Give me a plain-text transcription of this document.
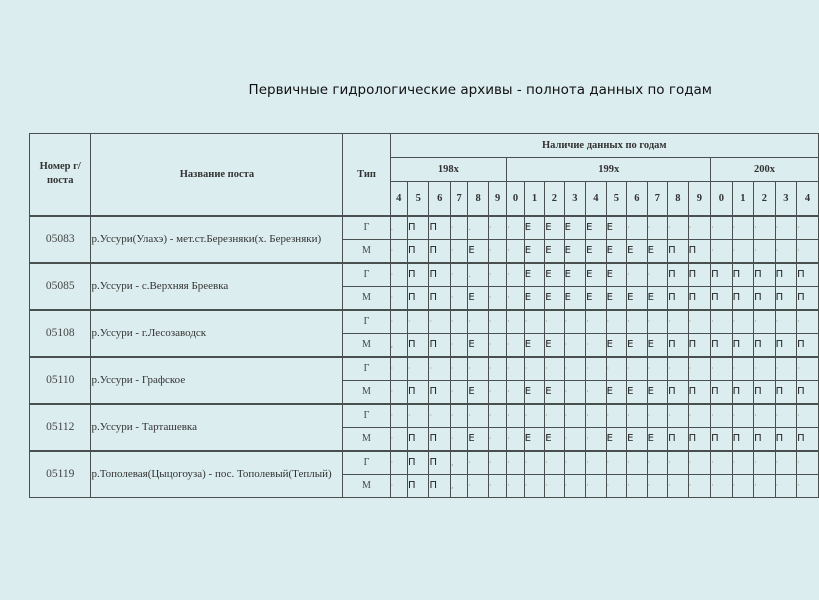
Первичные гидрологические архивы - полнота данных по годам
Номер г/поста	Название поста	Тип	Наличие данных по годам																				
			198x						199x										200x				
			4	5	6	7	8	9	0	1	2	3	4	5	6	7	8	9	0	1	2	3	4
05083	р.Уссури(Улахэ) - мет.ст.Березняки(х. Березняки)	Г	.	П	П	·	.	·	·	Е	Е	Е	Е	Е	·	·	·	·	·	·	·	·	·
		М	·	П	П	·	Е	·	·	Е	Е	Е	Е	Е	Е	Е	П	П	·	·	·	·	·
05085	р.Уссури - с.Верхняя Бреевка	Г	·	П	П	·	.	·	·	Е	Е	Е	Е	Е	·	·	П	П	П	П	П	П	П
		М	·	П	П	·	Е	·	·	Е	Е	Е	Е	Е	Е	Е	П	П	П	П	П	П	П
05108	р.Уссури - г.Лесозаводск	Г	·	·	·	·	·	·	·	·	·	·	·	·	·	·	·	·	·	·	·	·	·
		М	,	П	П	·	Е	·	·	Е	Е	·	·	Е	Е	Е	П	П	П	П	П	П	П
05110	р.Уссури - Графское	Г	·	·	·	·	·	·	·	·	·	·	·	·	·	·	·	·	·	·	·	·	·
		М	·	П	П	·	Е	·	·	Е	Е	·	·	Е	Е	Е	П	П	П	П	П	П	П
05112	р.Уссури - Тарташевка	Г	·	·	·	·	·	·	·	·	·	·	·	·	·	·	·	·	·	·	·	·	·
		М	·	П	П	·	Е	·	·	Е	Е	·	·	Е	Е	Е	П	П	П	П	П	П	П
05119	р.Тополевая(Цыцогоуза) - пос. Тополевый(Теплый)	Г	·	П	П	,	·	·	·	·	·	·	·	·	·	·	·	·	·	·	·	·	·
		М	·	П	П	,	·	·	·	·	·	·	·	·	·	·	·	·	·	·	·	·	·
